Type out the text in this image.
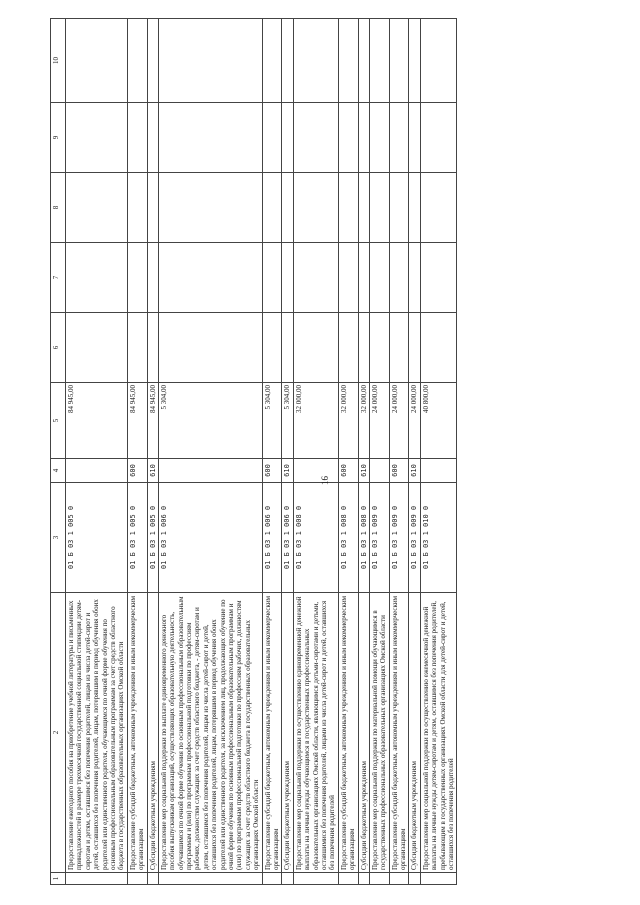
1	2	3	4	5	6	7	8	9	10
	Предоставление ежегодного пособия на приобретение учебной литературы и письменных принадлежностей в размере трехмесячной государственной социальной стипендии детям-сиротам и детям, оставшимся без попечения родителей, лицам из числа детей-сирот и детей, оставшихся без попечения родителей, лицам, потерявшим в период обучения обоих родителей или единственного родителя, обучающимся по очной форме обучения по основным профессиональным образовательным программам за счет средств областного бюджета в государственных образовательных организациях Омской области	01 Б 03 1 005 0		84 945,00					
	Предоставление субсидий бюджетным, автономным учреждениям и иным некоммерческим организациям	01 Б 03 1 005 0	600	84 945,00					
	Субсидии бюджетным учреждениям	01 Б 03 1 005 0	610	84 945,00					
	Предоставление мер социальной поддержки по выплате единовременного денежного пособия выпускникам организаций, осуществляющих образовательную деятельность, обучавшимся по очной форме обучения по основным профессиональным образовательным программам и (или) по программам профессиональной подготовки по профессиям рабочих, должностям служащих за счет средств областного бюджета, - детям-сиротам и детям, оставшимся без попечения родителей, лицам из числа детей-сирот и детей, оставшихся без попечения родителей, лицам, потерявшим в период обучения обоих родителей или единственного родителя, за исключением лиц, продолжающих обучение по очной форме обучения по основным профессиональным образовательным программам и (или) по программам профессиональной подготовки по профессиям рабочих, должностям служащих за счет средств областного бюджета в государственных образовательных организациях Омской области	01 Б 03 1 006 0		5 304,00					
	Предоставление субсидий бюджетным, автономным учреждениям и иным некоммерческим организациям	01 Б 03 1 006 0	600	5 304,00					
	Субсидии бюджетным учреждениям	01 Б 03 1 006 0	610	5 304,00					
	Предоставление мер социальной поддержки по осуществлению единовременной денежной выплаты на личные нужды обучающимся в государственных профессиональных образовательных организациях Омской области, являющимся детьми-сиротами и детьми, оставшимися без попечения родителей, лицами из числа детей-сирот и детей, оставшихся без попечения родителей	01 Б 03 1 008 0		32 000,00					
	Предоставление субсидий бюджетным, автономным учреждениям и иным некоммерческим организациям	01 Б 03 1 008 0	600	32 000,00					
	Субсидии бюджетным учреждениям	01 Б 03 1 008 0	610	32 000,00					
	Предоставление мер социальной поддержки по материальной помощи обучающимся в государственных профессиональных образовательных организациях Омской области	01 Б 03 1 009 0		24 000,00					
	Предоставление субсидий бюджетным, автономным учреждениям и иным некоммерческим организациям	01 Б 03 1 009 0	600	24 000,00					
	Субсидии бюджетным учреждениям	01 Б 03 1 009 0	610	24 000,00					
	Предоставление мер социальной поддержки по осуществлению ежемесячной денежной выплаты на личные нужды детям-сиротам и детям, оставшимся без попечения родителей, пребывающим в государственных организациях Омской области для детей-сирот и детей, оставшихся без попечения родителей	01 Б 03 1 010 0		40 800,00					
16
